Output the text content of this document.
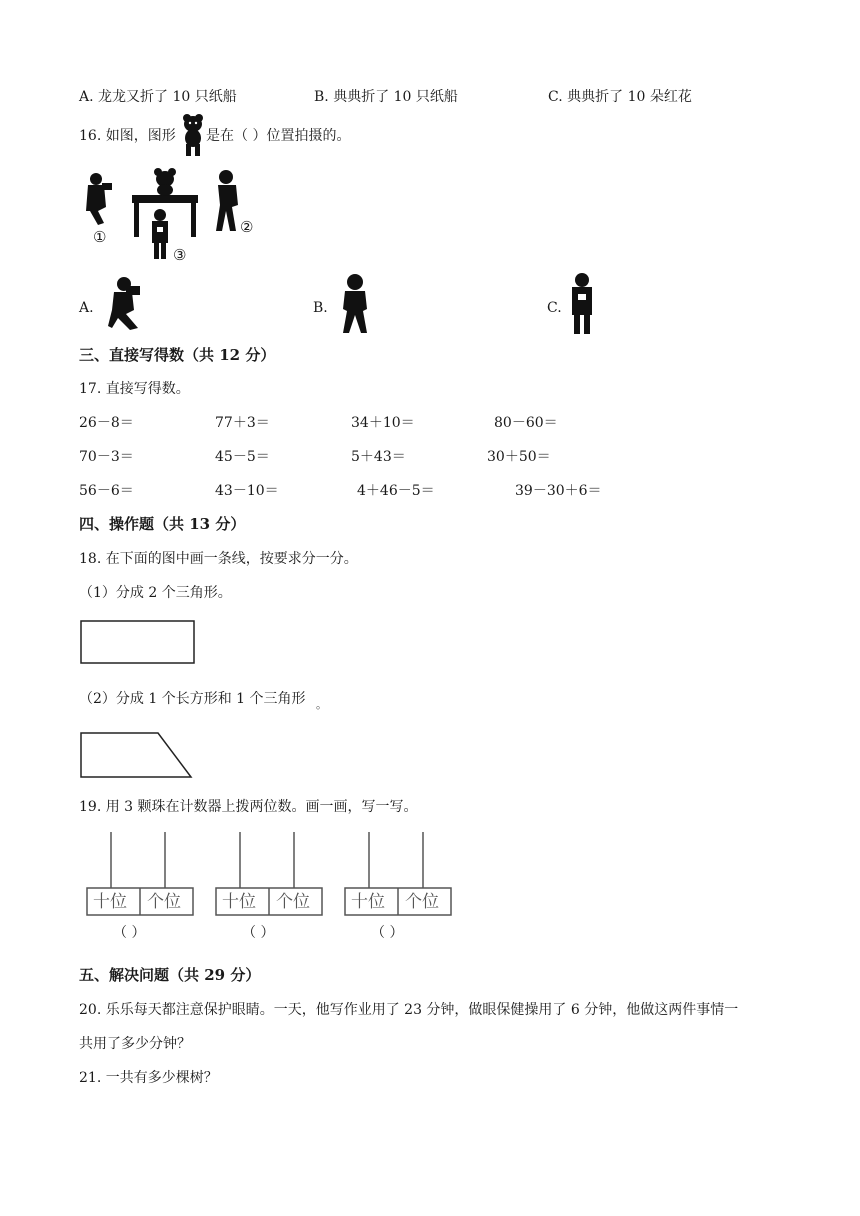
A. 龙龙又折了 10 只纸船	B. 典典折了 10 只纸船	C. 典典折了 10 朵红花
16. 如图，图形 是在（ ）位置拍摄的。
①
②
③
A.	B.	C.
三、直接写得数（共 12 分）
17. 直接写得数。
26－8＝	77＋3＝	34＋10＝	80－60＝
70－3＝	45－5＝	5＋43＝	30＋50＝
56－6＝	43－10＝	4＋46－5＝	39－30＋6＝
四、操作题（共 13 分）
18. 在下面的图中画一条线，按要求分一分。
（1）分成 2 个三角形。
（2）分成 1 个长方形和 1 个三角形 。
19. 用 3 颗珠在计数器上拨两位数。画一画，写一写。
十位 个位
（ ）
十位 个位
（ ）
十位 个位
（ ）
五、解决问题（共 29 分）
20. 乐乐每天都注意保护眼睛。一天，他写作业用了 23 分钟，做眼保健操用了 6 分钟，他做这两件事情一
共用了多少分钟？
21. 一共有多少棵树？
